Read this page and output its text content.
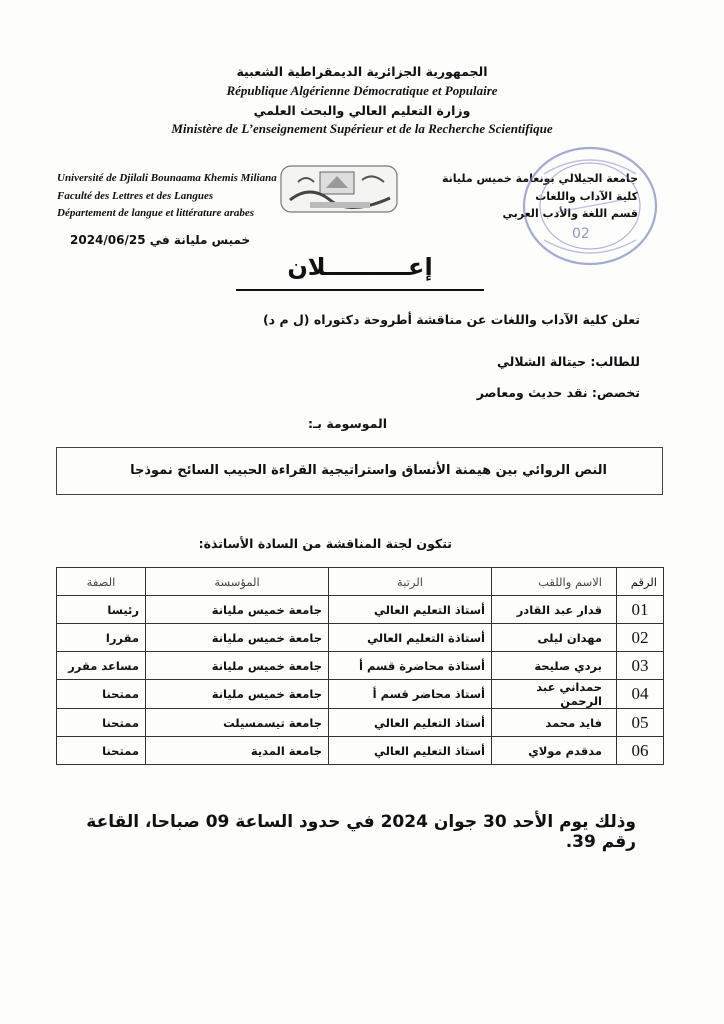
الجمهورية الجزائرية الديمقراطية الشعبية
République Algérienne Démocratique et Populaire
وزارة التعليم العالي والبحث العلمي
Ministère de L’enseignement Supérieur et de la Recherche Scientifique
Université de Djilali Bounaama Khemis Miliana
Faculté des Lettres et des Langues
Département de langue et littérature arabes
جامعة الجيلالي بونعامة خميس مليانة
كلية الآداب واللغات
قسم اللغة والأدب العربي
02
خميس مليانة في 2024/06/25
إعــــــــــلان
تعلن كلية الآداب واللغات عن مناقشة أطروحة دكتوراه (ل م د)
للطالب: حيتالة الشلالي
تخصص: نقد حديث ومعاصر
الموسومة بـ:
النص الروائي بين هيمنة الأنساق واستراتيجية القراءة الحبيب السائح نموذجا
تتكون لجنة المناقشة من السادة الأساتذة:
الرقم	الاسم واللقب	الرتبة	المؤسسة	الصفة
01	قدار عبد القادر	أستاذ التعليم العالي	جامعة خميس مليانة	رئيسا
02	مهدان ليلى	أستاذة التعليم العالي	جامعة خميس مليانة	مقررا
03	بردي صليحة	أستاذة محاضرة قسم أ	جامعة خميس مليانة	مساعد مقرر
04	حمداني عبد الرحمن	أستاذ محاضر قسم أ	جامعة خميس مليانة	ممتحنا
05	فايد محمد	أستاذ التعليم العالي	جامعة تيسمسيلت	ممتحنا
06	مدقدم مولاي	أستاذ التعليم العالي	جامعة المدية	ممتحنا
وذلك يوم الأحد 30 جوان 2024 في حدود الساعة 09 صباحا، القاعة رقم 39.
